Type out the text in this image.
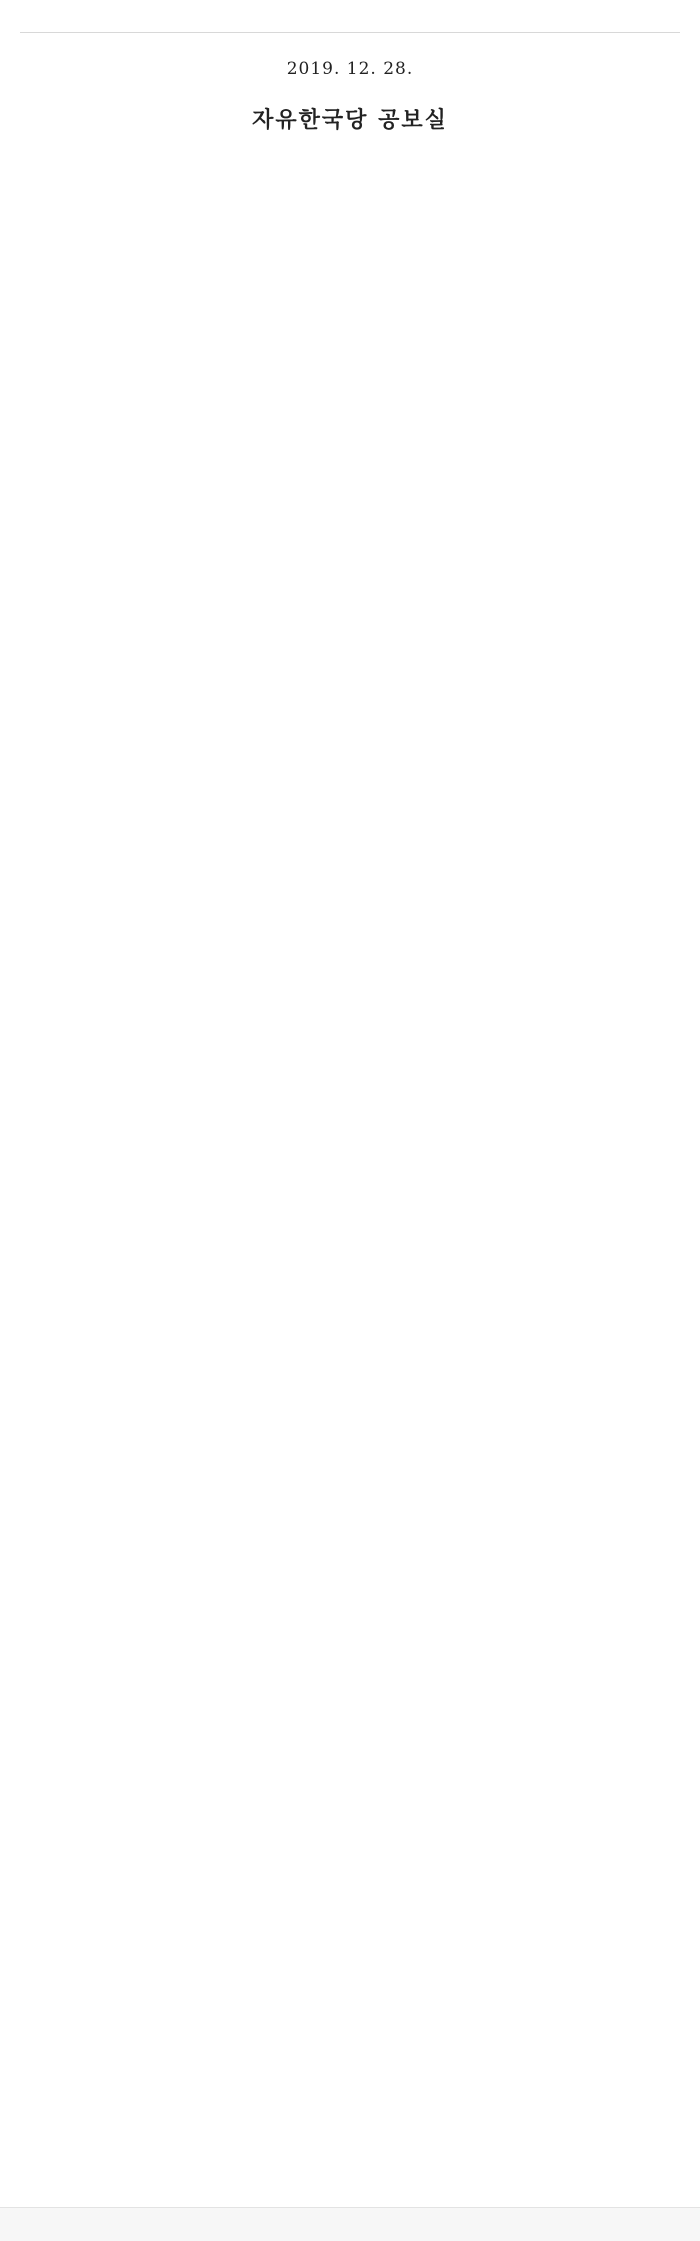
2019. 12. 28.
자유한국당 공보실
